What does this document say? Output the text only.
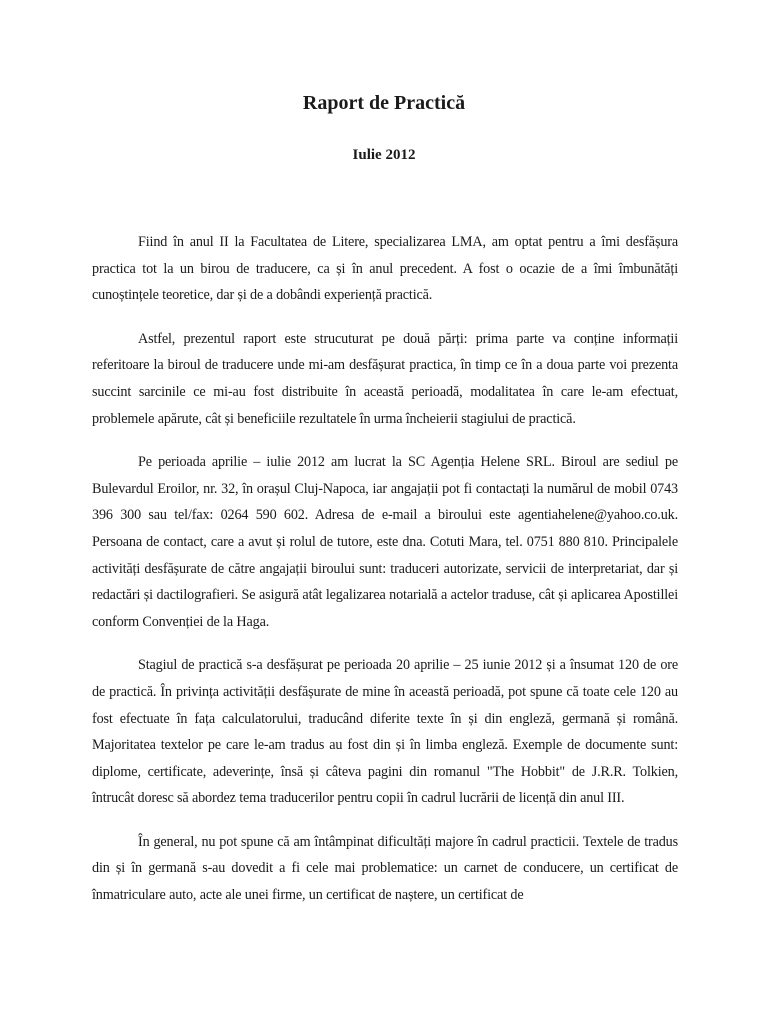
Raport de Practică
Iulie 2012

Fiind în anul II la Facultatea de Litere, specializarea LMA, am optat pentru a îmi desfășura practica tot la un birou de traducere, ca și în anul precedent. A fost o ocazie de a îmi îmbunătăți cunoștințele teoretice, dar și de a dobândi experiență practică.

Astfel, prezentul raport este strucuturat pe două părți: prima parte va conține informații referitoare la biroul de traducere unde mi-am desfășurat practica, în timp ce în a doua parte voi prezenta succint sarcinile ce mi-au fost distribuite în această perioadă, modalitatea în care le-am efectuat, problemele apărute, cât și beneficiile rezultatele în urma încheierii stagiului de practică.

Pe perioada aprilie – iulie 2012 am lucrat la SC Agenția Helene SRL. Biroul are sediul pe Bulevardul Eroilor, nr. 32, în orașul Cluj-Napoca, iar angajații pot fi contactați la numărul de mobil 0743 396 300 sau tel/fax: 0264 590 602. Adresa de e-mail a biroului este agentiahelene@yahoo.co.uk. Persoana de contact, care a avut și rolul de tutore, este dna. Cotuti Mara, tel. 0751 880 810. Principalele activități desfășurate de către angajații biroului sunt: traduceri autorizate, servicii de interpretariat, dar și redactări și dactilografieri. Se asigură atât legalizarea notarială a actelor traduse, cât și aplicarea Apostillei conform Convenției de la Haga.

Stagiul de practică s-a desfășurat pe perioada 20 aprilie – 25 iunie 2012 și a însumat 120 de ore de practică. În privința activității desfășurate de mine în această perioadă, pot spune că toate cele 120 au fost efectuate în fața calculatorului, traducând diferite texte în și din engleză, germană și română. Majoritatea textelor pe care le-am tradus au fost din și în limba engleză. Exemple de documente sunt: diplome, certificate, adeverințe, însă și câteva pagini din romanul "The Hobbit" de J.R.R. Tolkien, întrucât doresc să abordez tema traducerilor pentru copii în cadrul lucrării de licență din anul III.

În general, nu pot spune că am întâmpinat dificultăți majore în cadrul practicii. Textele de tradus din și în germană s-au dovedit a fi cele mai problematice: un carnet de conducere, un certificat de înmatriculare auto, acte ale unei firme, un certificat de naștere, un certificat de
